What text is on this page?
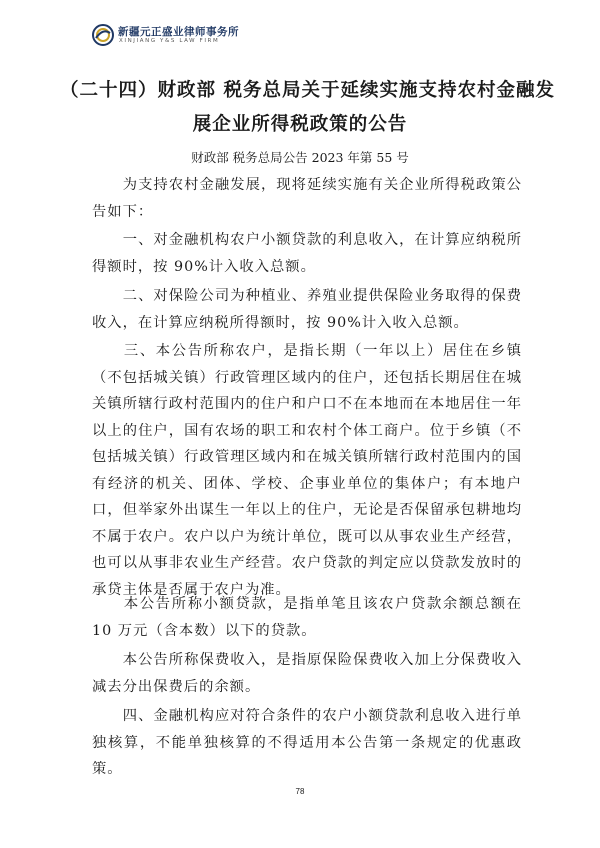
新疆元正盛业律师事务所
XINJIANG Y&S LAW FIRM
（二十四）财政部 税务总局关于延续实施支持农村金融发
展企业所得税政策的公告
财政部 税务总局公告 2023 年第 55 号

　　为支持农村金融发展，现将延续实施有关企业所得税政策公告如下：

　　一、对金融机构农户小额贷款的利息收入，在计算应纳税所得额时，按 90%计入收入总额。

　　二、对保险公司为种植业、养殖业提供保险业务取得的保费收入，在计算应纳税所得额时，按 90%计入收入总额。

　　三、本公告所称农户，是指长期（一年以上）居住在乡镇（不包括城关镇）行政管理区域内的住户，还包括长期居住在城关镇所辖行政村范围内的住户和户口不在本地而在本地居住一年以上的住户，国有农场的职工和农村个体工商户。位于乡镇（不包括城关镇）行政管理区域内和在城关镇所辖行政村范围内的国有经济的机关、团体、学校、企事业单位的集体户；有本地户口，但举家外出谋生一年以上的住户，无论是否保留承包耕地均不属于农户。农户以户为统计单位，既可以从事农业生产经营，也可以从事非农业生产经营。农户贷款的判定应以贷款发放时的承贷主体是否属于农户为准。

　　本公告所称小额贷款，是指单笔且该农户贷款余额总额在 10 万元（含本数）以下的贷款。

　　本公告所称保费收入，是指原保险保费收入加上分保费收入减去分出保费后的余额。

　　四、金融机构应对符合条件的农户小额贷款利息收入进行单独核算，不能单独核算的不得适用本公告第一条规定的优惠政策。

78
